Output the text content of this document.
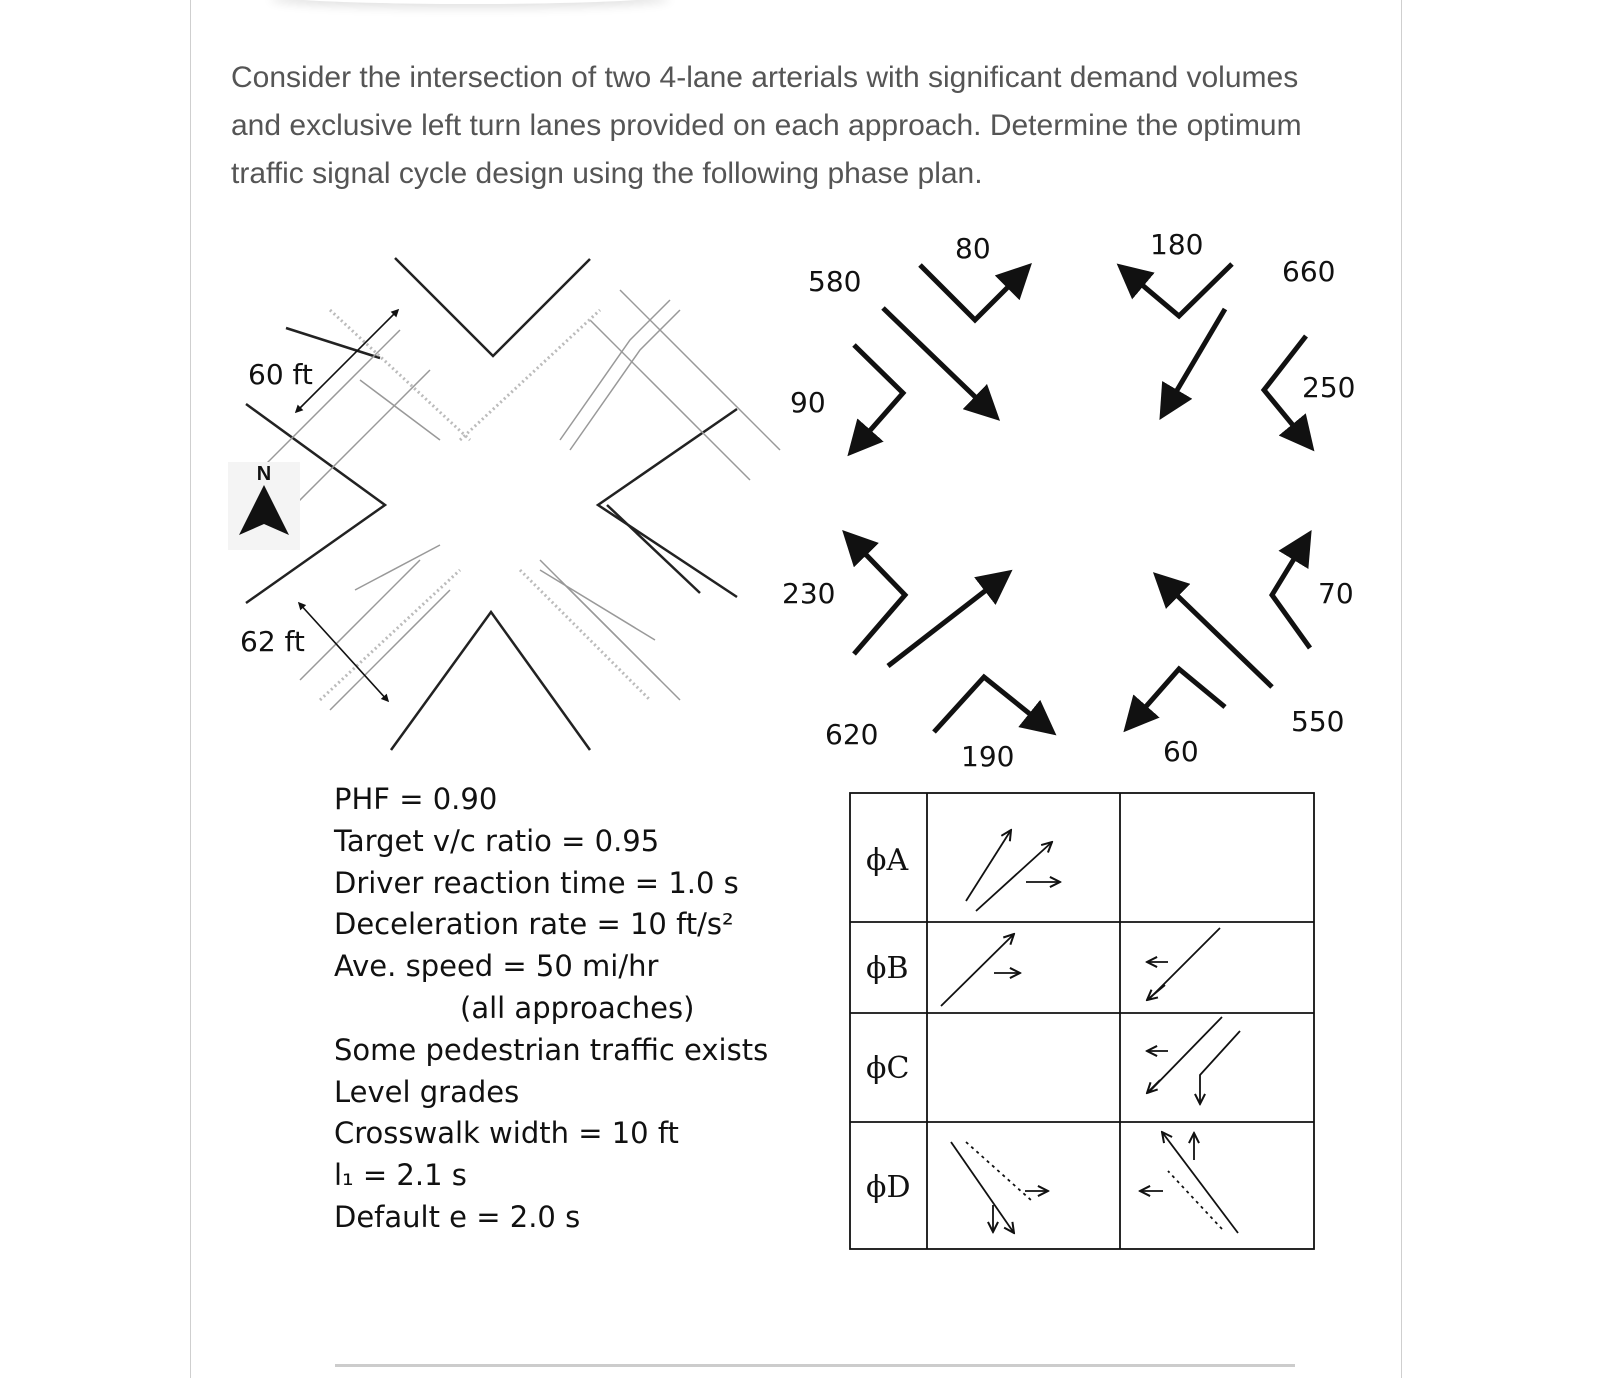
Consider the intersection of two 4-lane arterials with significant demand volumes
and exclusive left turn lanes provided on each approach. Determine the optimum
traffic signal cycle design using the following phase plan.
60 ft
62 ft
N
580
80	180
660
90	250
230	70
620
190	60
550
ϕA
ϕB
ϕC
ϕD
PHF = 0.90
Target v/c ratio = 0.95
Driver reaction time = 1.0 s
Deceleration rate = 10 ft/s²
Ave. speed = 50 mi/hr
(all approaches)
Some pedestrian traffic exists
Level grades
Crosswalk width = 10 ft
l₁ = 2.1 s
Default e = 2.0 s
